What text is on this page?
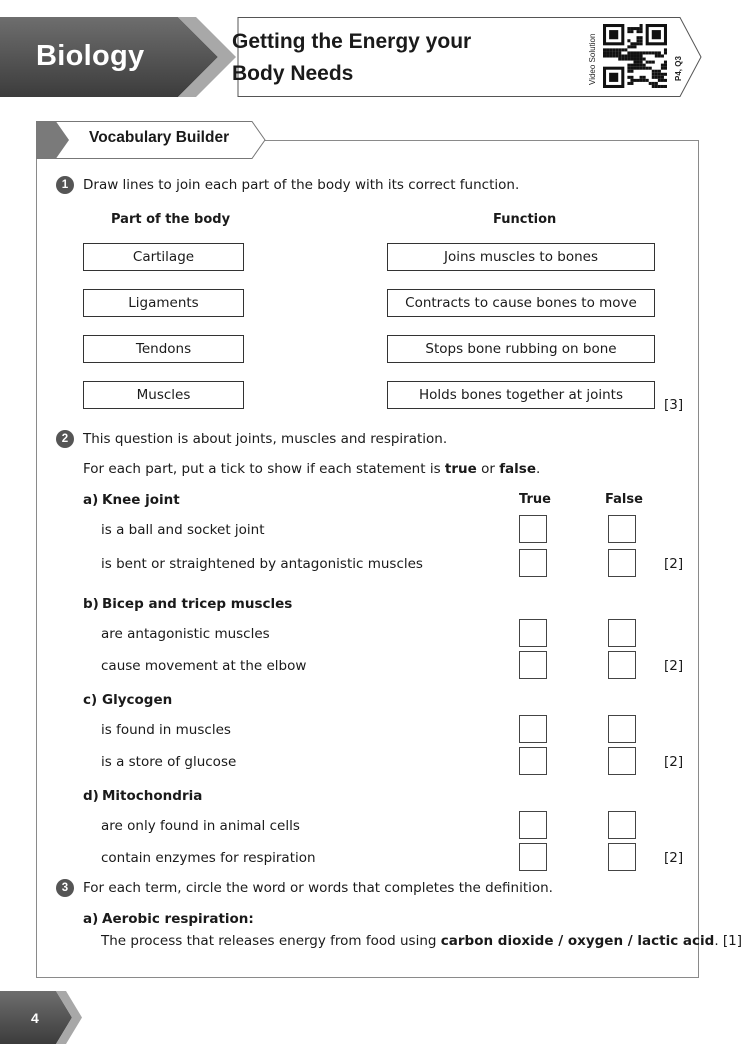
Biology	Getting the Energy your
Body Needs	Video Solution	P4, Q3
Vocabulary Builder
1	Draw lines to join each part of the body with its correct function.
Part of the body	Function
Cartilage
Ligaments
Tendons
Muscles
Joins muscles to bones
Contracts to cause bones to move
Stops bone rubbing on bone
Holds bones together at joints
[3]
2	This question is about joints, muscles and respiration.
For each part, put a tick to show if each statement is true or false.
True	False
a) Knee joint
is a ball and socket joint
is bent or straightened by antagonistic muscles	[2]
b) Bicep and tricep muscles
are antagonistic muscles
cause movement at the elbow	[2]
c) Glycogen
is found in muscles
is a store of glucose	[2]
d) Mitochondria
are only found in animal cells
contain enzymes for respiration	[2]
3	For each term, circle the word or words that completes the definition.
a) Aerobic respiration:
The process that releases energy from food using carbon dioxide / oxygen / lactic acid. [1]
4
